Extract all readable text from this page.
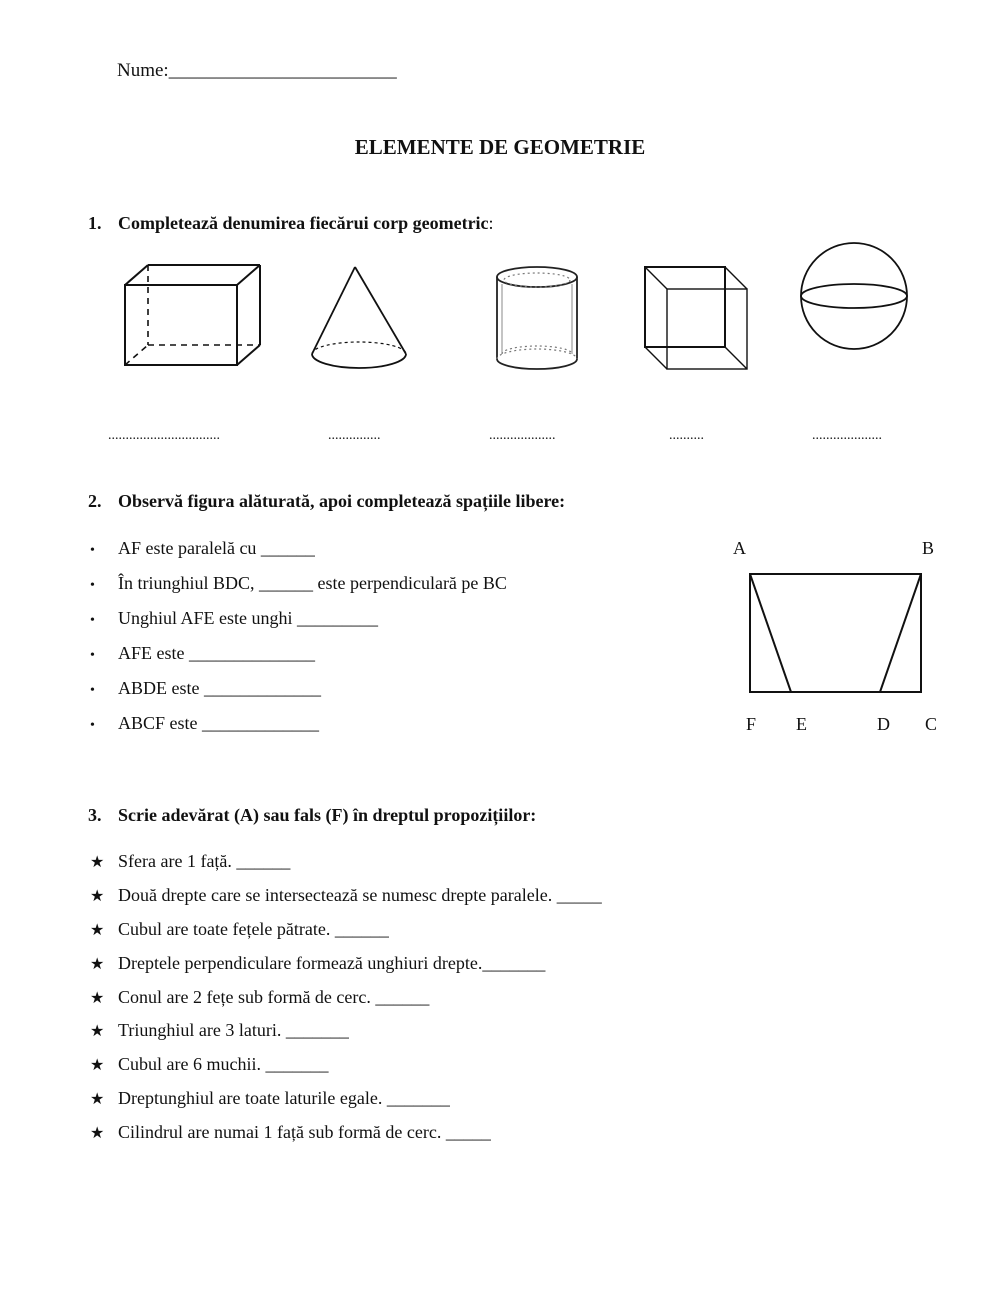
Nume:________________________
ELEMENTE DE GEOMETRIE
1. Completează denumirea fiecărui corp geometric:
................................	...............	...................	..........	....................
2. Observă figura alăturată, apoi completează spațiile libere:
• AF este paralelă cu ______
• În triunghiul BDC, ______ este perpendiculară pe BC
• Unghiul AFE este unghi _________
• AFE este ______________
• ABDE este _____________
• ABCF este _____________
A	B
F E	D C
3. Scrie adevărat (A) sau fals (F) în dreptul propozițiilor:
★ Sfera are 1 față. ______
★ Două drepte care se intersectează se numesc drepte paralele. _____
★ Cubul are toate fețele pătrate. ______
★ Dreptele perpendiculare formează unghiuri drepte._______
★ Conul are 2 fețe sub formă de cerc. ______
★ Triunghiul are 3 laturi. _______
★ Cubul are 6 muchii. _______
★ Dreptunghiul are toate laturile egale. _______
★ Cilindrul are numai 1 față sub formă de cerc. _____
